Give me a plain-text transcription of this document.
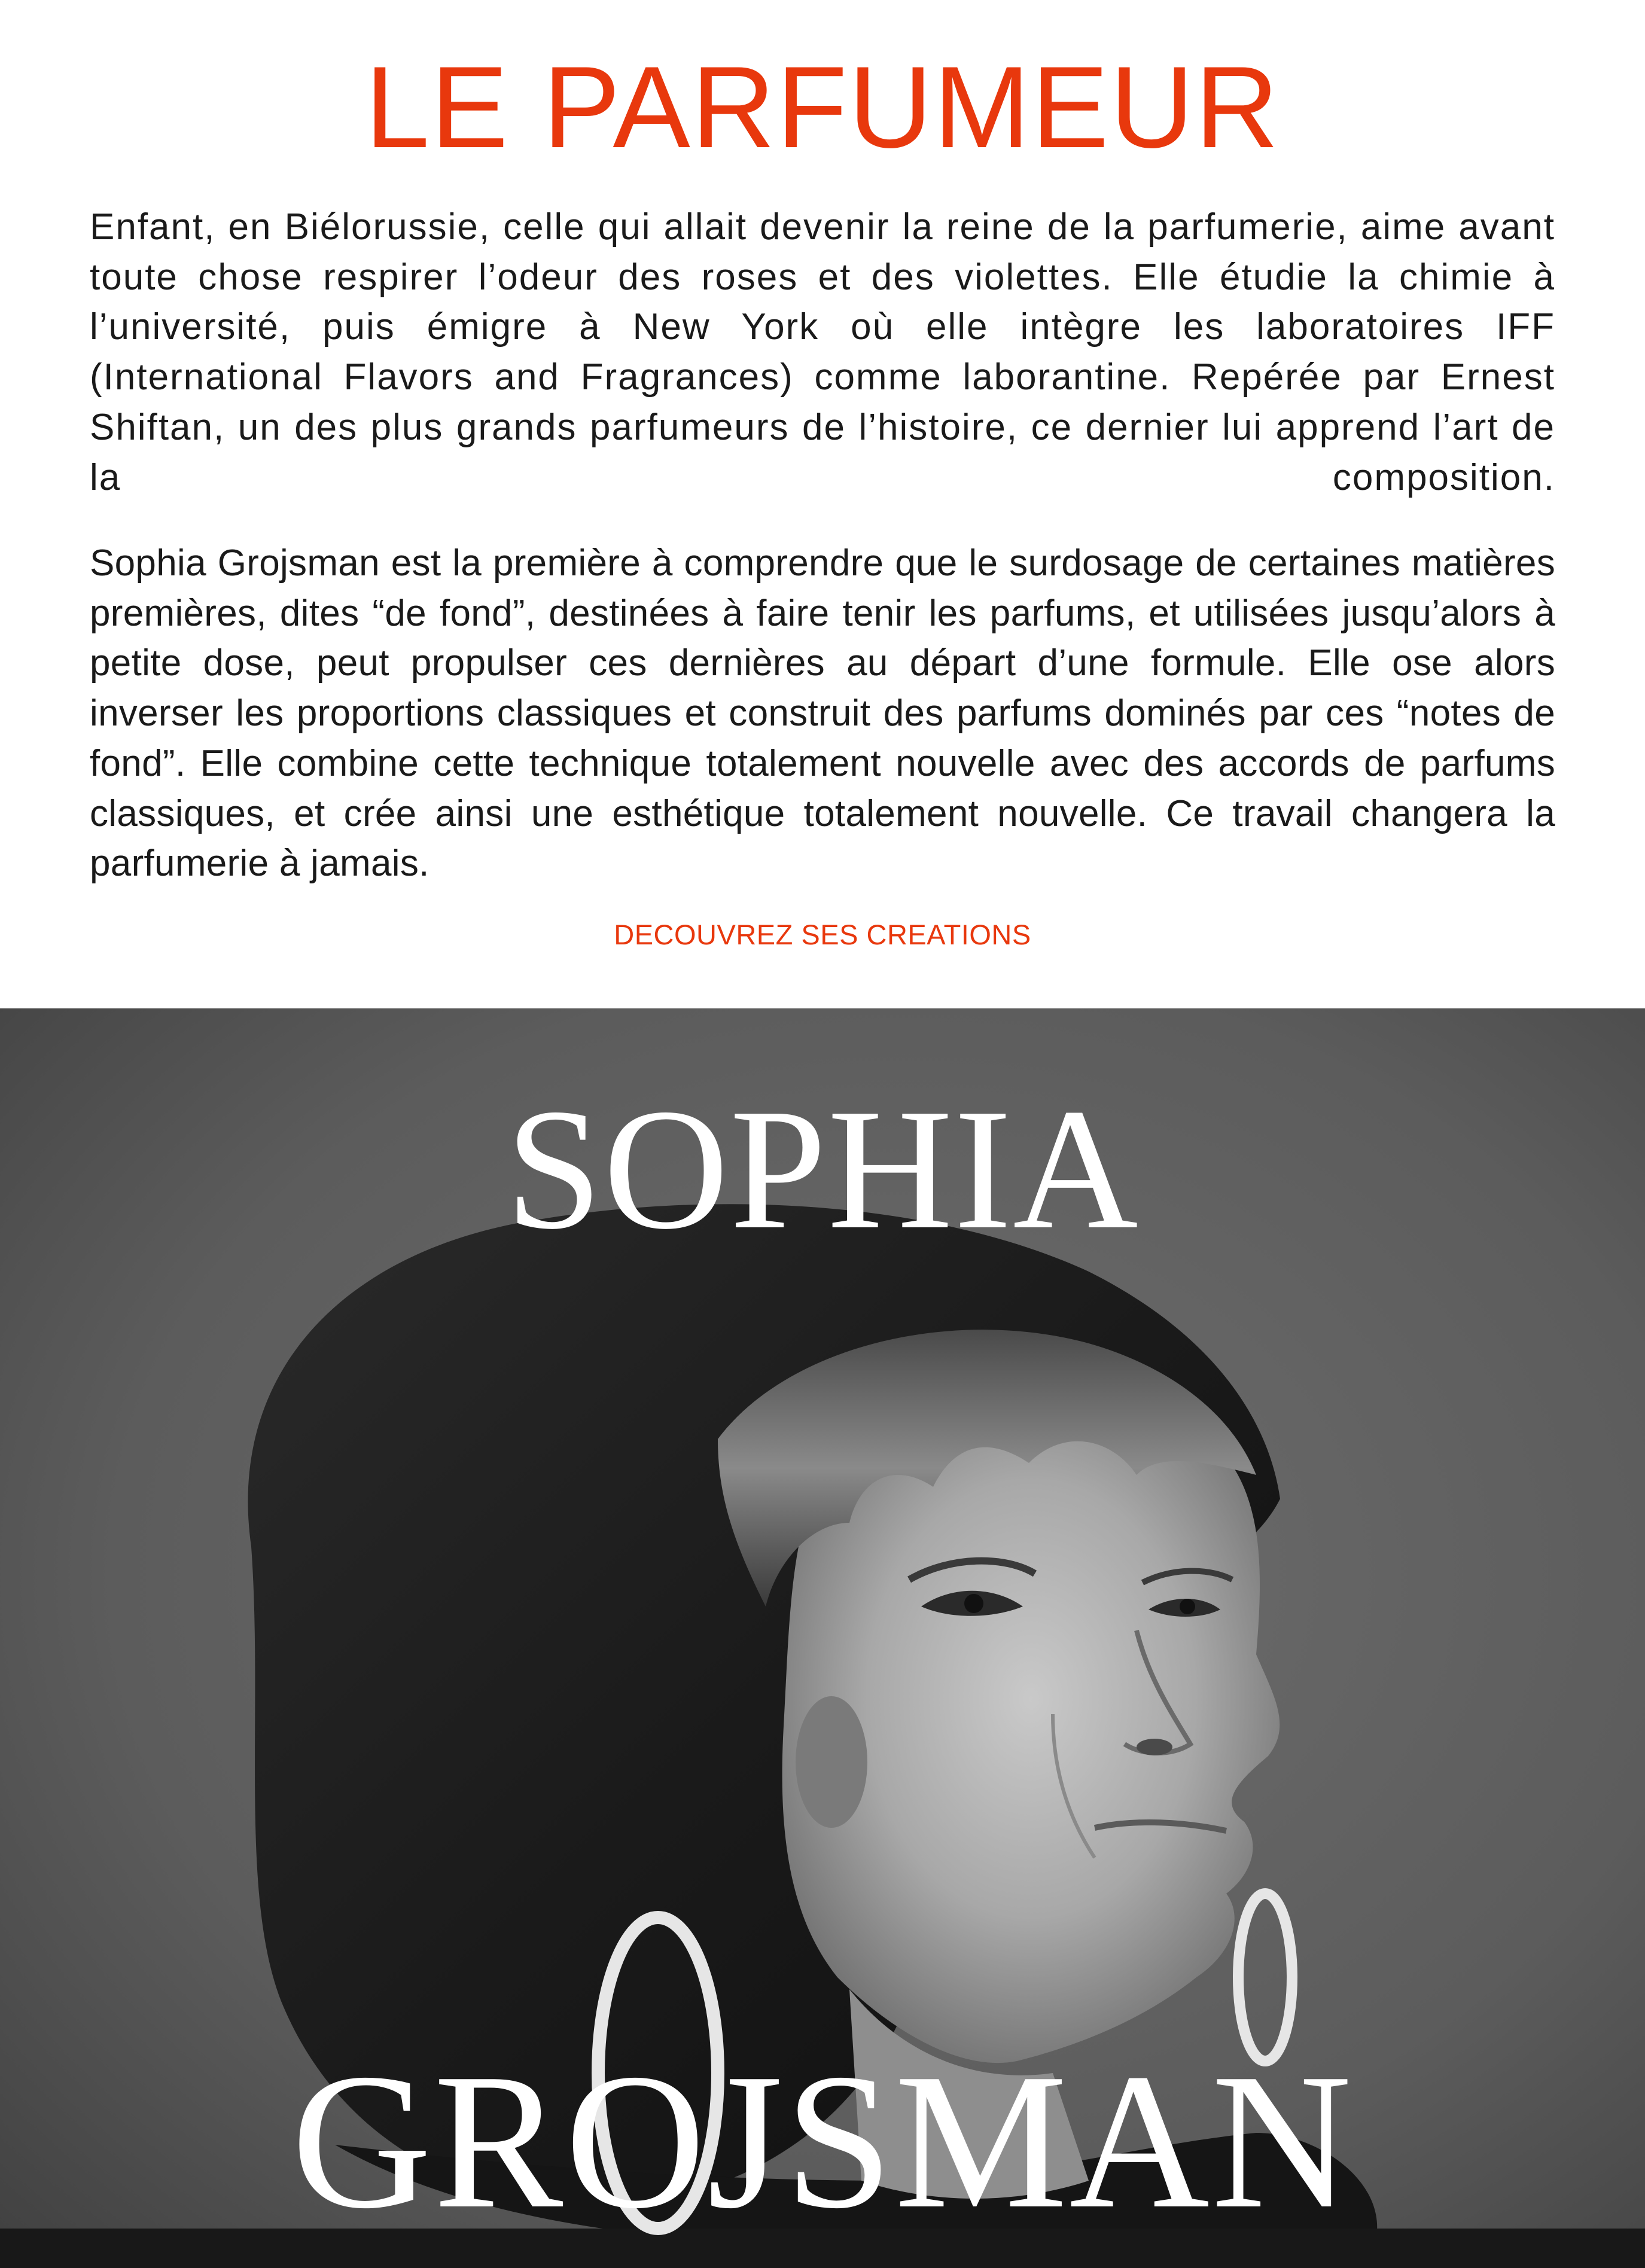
LE PARFUMEUR

Enfant, en Biélorussie, celle qui allait devenir la reine de la parfumerie, aime avant toute chose respirer l’odeur des roses et des violettes. Elle étudie la chimie à l’université, puis émigre à New York où elle intègre les laboratoires IFF (International Flavors and Fragrances) comme laborantine. Repérée par Ernest Shiftan, un des plus grands parfumeurs de l’histoire, ce dernier lui apprend l’art de la composition.

Sophia Grojsman est la première à comprendre que le surdosage de certaines matières premières, dites “de fond”, destinées à faire tenir les parfums, et utilisées jusqu’alors à petite dose, peut propulser ces dernières au départ d’une formule. Elle ose alors inverser les proportions classiques et construit des parfums dominés par ces “notes de fond”. Elle combine cette technique totalement nouvelle avec des accords de parfums classiques, et crée ainsi une esthétique totalement nouvelle. Ce travail changera la parfumerie à jamais.

DECOUVREZ SES CREATIONS
SOPHIA
GROJSMAN
